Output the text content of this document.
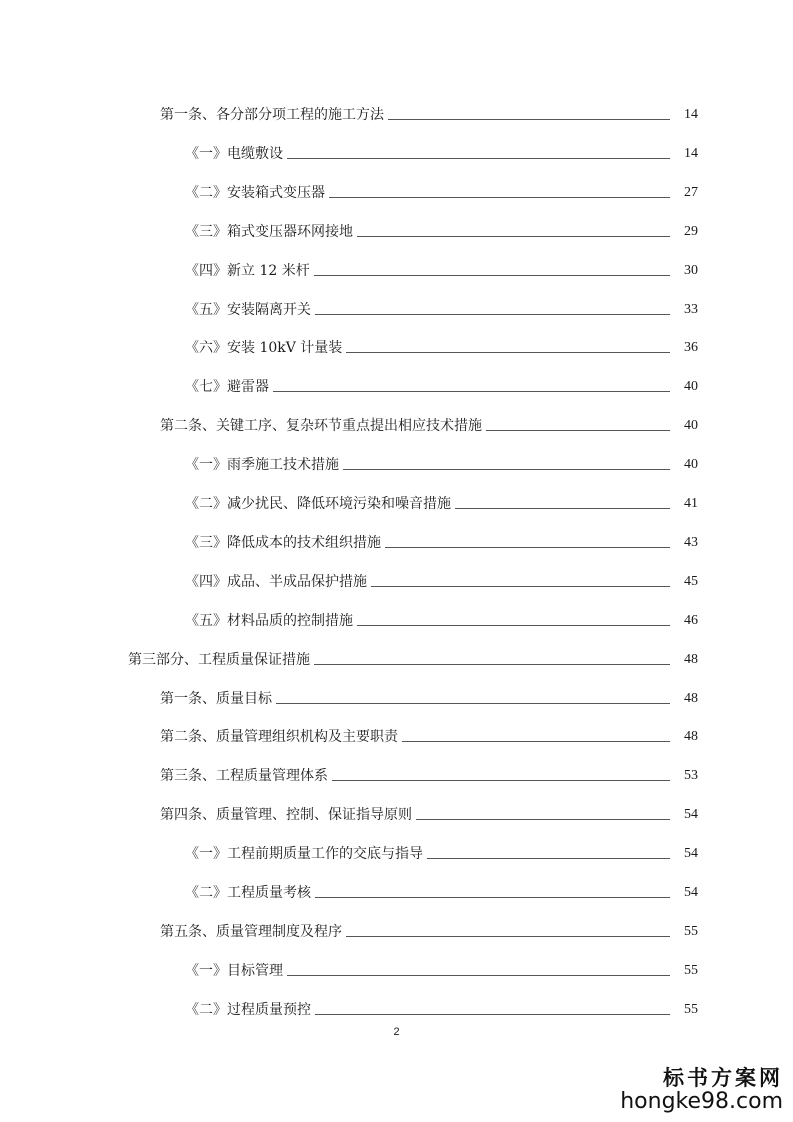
第一条、各分部分项工程的施工方法	14
《一》电缆敷设	14
《二》安装箱式变压器	27
《三》箱式变压器环网接地	29
《四》新立 12 米杆	30
《五》安装隔离开关	33
《六》安装 10kV 计量装	36
《七》避雷器	40
第二条、关键工序、复杂环节重点提出相应技术措施	40
《一》雨季施工技术措施	40
《二》减少扰民、降低环境污染和噪音措施	41
《三》降低成本的技术组织措施	43
《四》成品、半成品保护措施	45
《五》材料品质的控制措施	46
第三部分、工程质量保证措施	48
第一条、质量目标	48
第二条、质量管理组织机构及主要职责	48
第三条、工程质量管理体系	53
第四条、质量管理、控制、保证指导原则	54
《一》工程前期质量工作的交底与指导	54
《二》工程质量考核	54
第五条、质量管理制度及程序	55
《一》目标管理	55
《二》过程质量预控	55
2
标书方案网
hongke98.com
